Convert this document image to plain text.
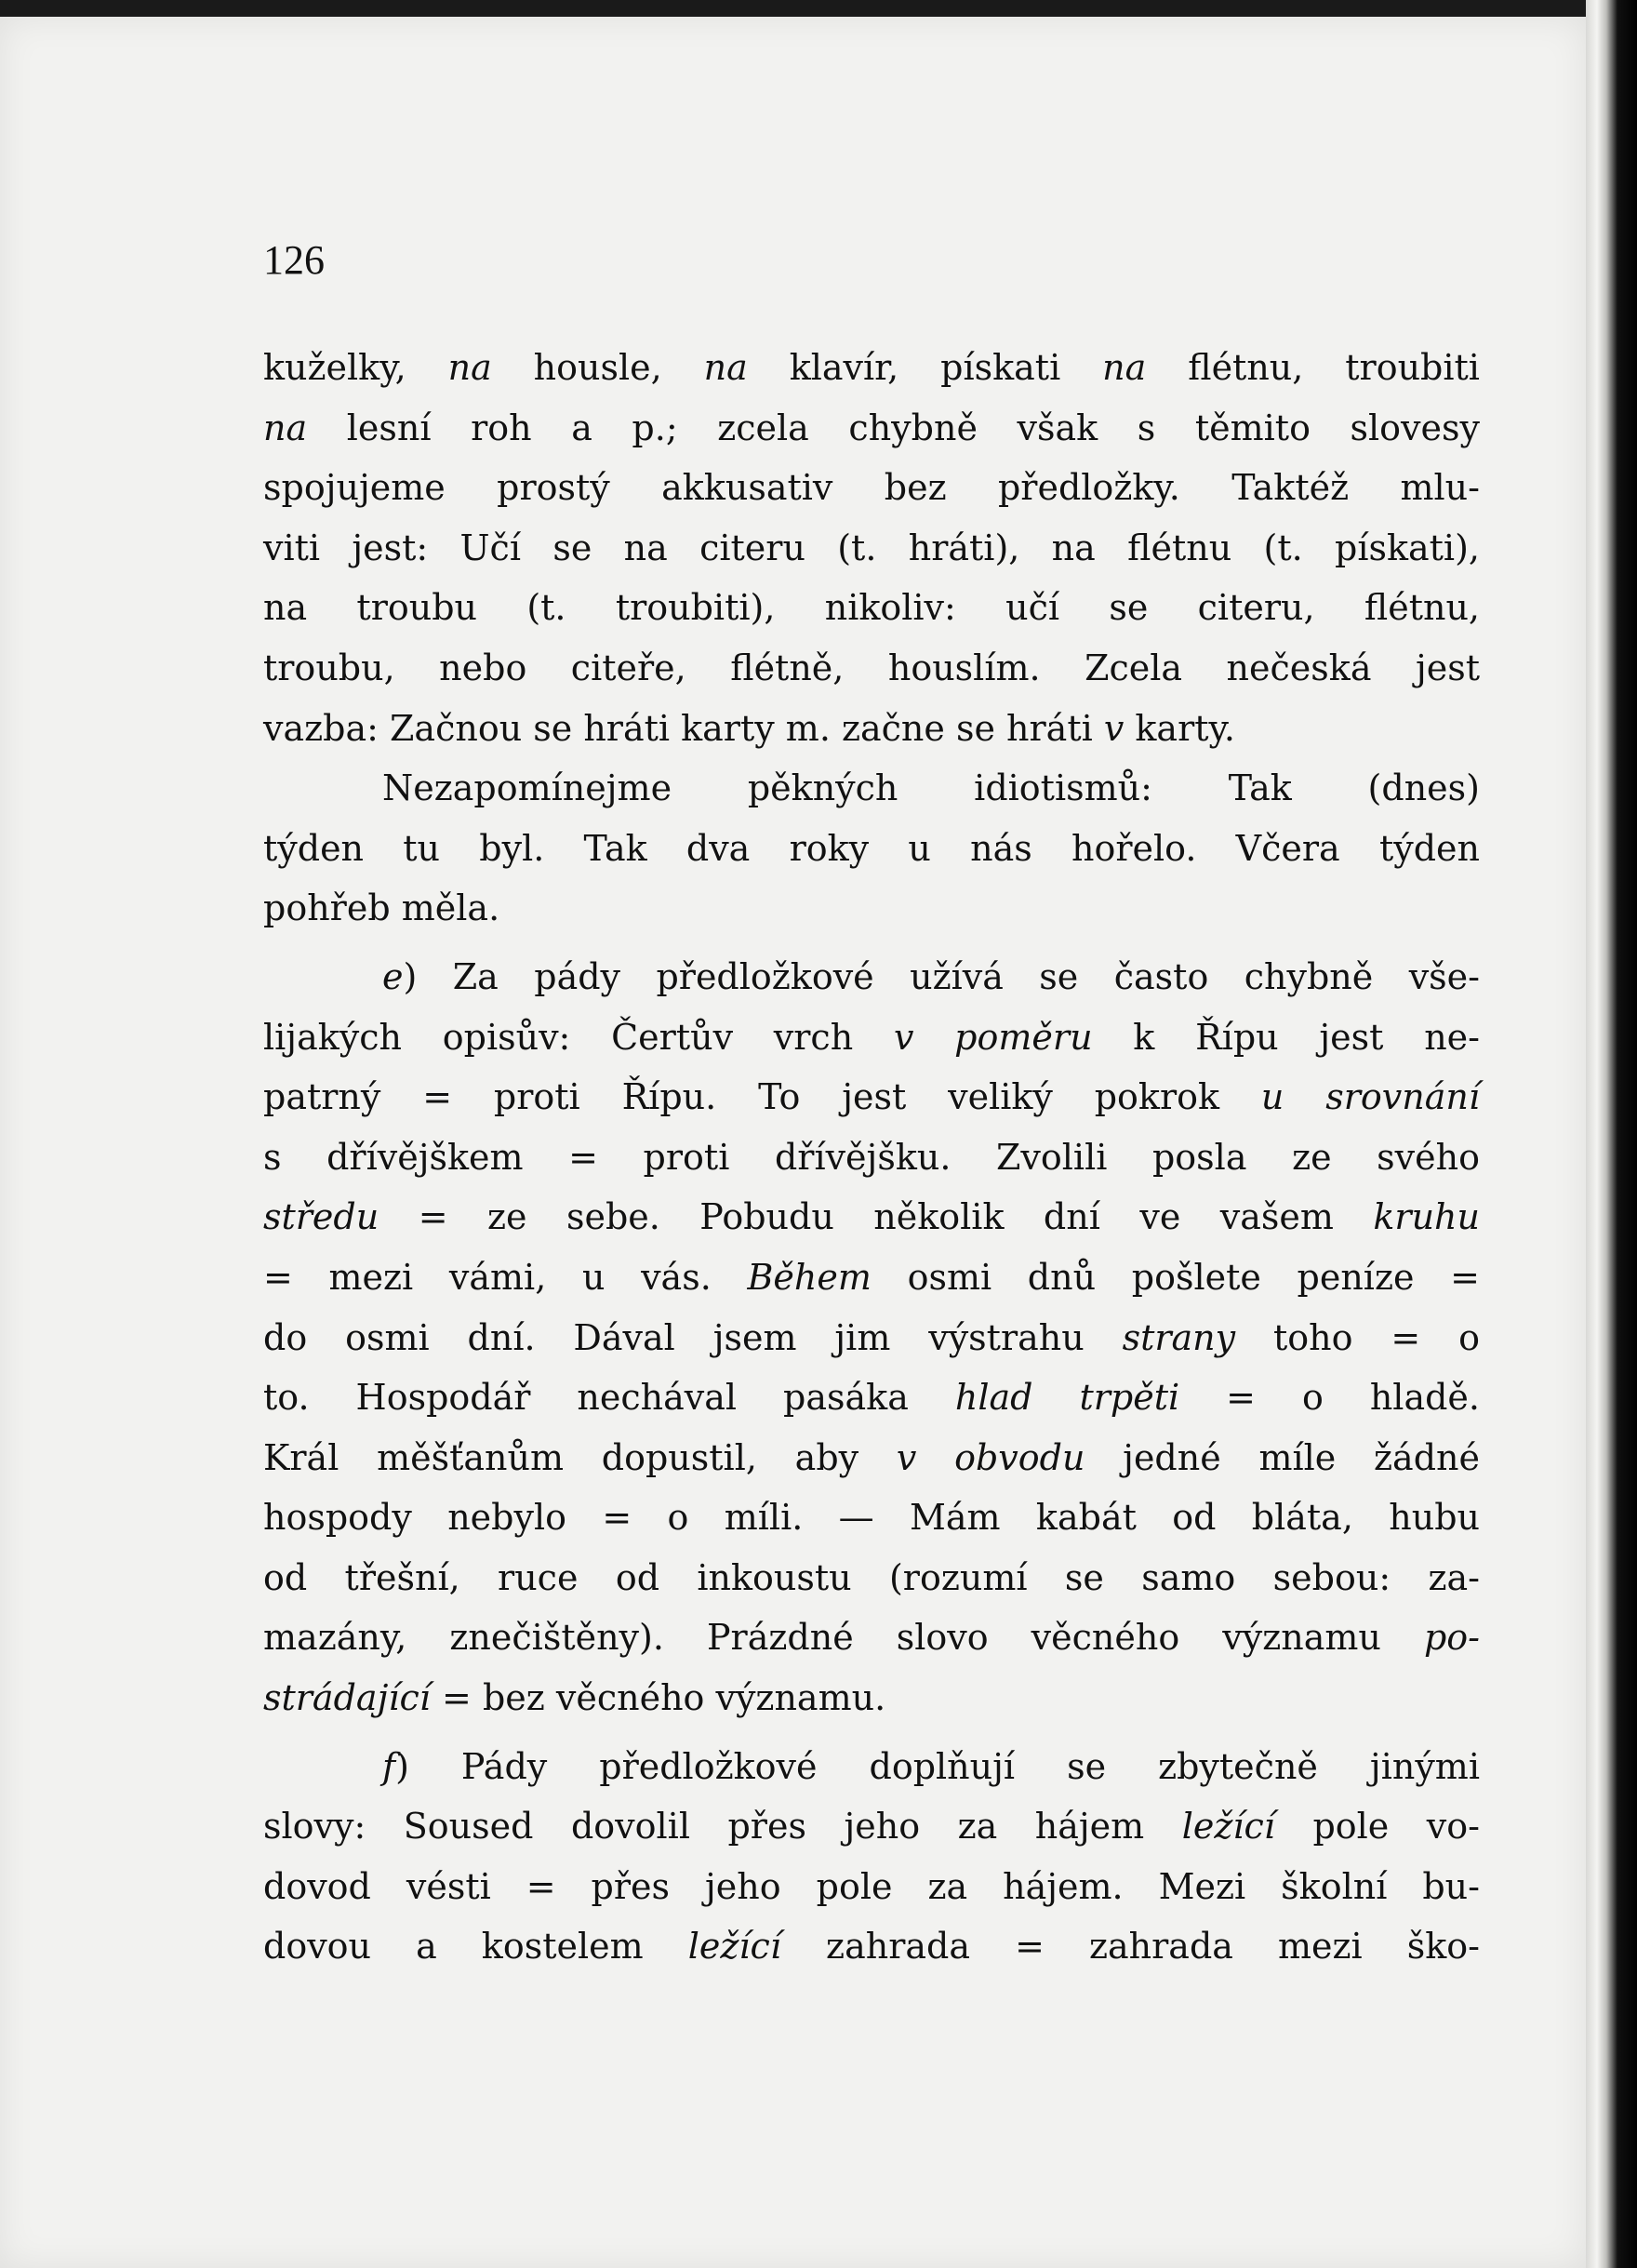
126
kuželky, na housle, na klavír, pískati na flétnu, troubiti
na lesní roh a p.; zcela chybně však s těmito slovesy
spojujeme prostý akkusativ bez předložky. Taktéž mlu-
viti jest: Učí se na citeru (t. hráti), na flétnu (t. pískati),
na troubu (t. troubiti), nikoliv: učí se citeru, flétnu,
troubu, nebo citeře, flétně, houslím. Zcela nečeská jest
vazba: Začnou se hráti karty m. začne se hráti v karty.
Nezapomínejme pěkných idiotismů: Tak (dnes)
týden tu byl. Tak dva roky u nás hořelo. Včera týden
pohřeb měla.
e) Za pády předložkové užívá se často chybně vše-
lijakých opisův: Čertův vrch v poměru k Řípu jest ne-
patrný = proti Řípu. To jest veliký pokrok u srovnání
s dřívějškem = proti dřívějšku. Zvolili posla ze svého
středu = ze sebe. Pobudu několik dní ve vašem kruhu
= mezi vámi, u vás. Během osmi dnů pošlete peníze =
do osmi dní. Dával jsem jim výstrahu strany toho = o
to. Hospodář nechával pasáka hlad trpěti = o hladě.
Král měšťanům dopustil, aby v obvodu jedné míle žádné
hospody nebylo = o míli. — Mám kabát od bláta, hubu
od třešní, ruce od inkoustu (rozumí se samo sebou: za-
mazány, znečištěny). Prázdné slovo věcného významu po-
strádající = bez věcného významu.
f) Pády předložkové doplňují se zbytečně jinými
slovy: Soused dovolil přes jeho za hájem ležící pole vo-
dovod vésti = přes jeho pole za hájem. Mezi školní bu-
dovou a kostelem ležící zahrada = zahrada mezi ško-
